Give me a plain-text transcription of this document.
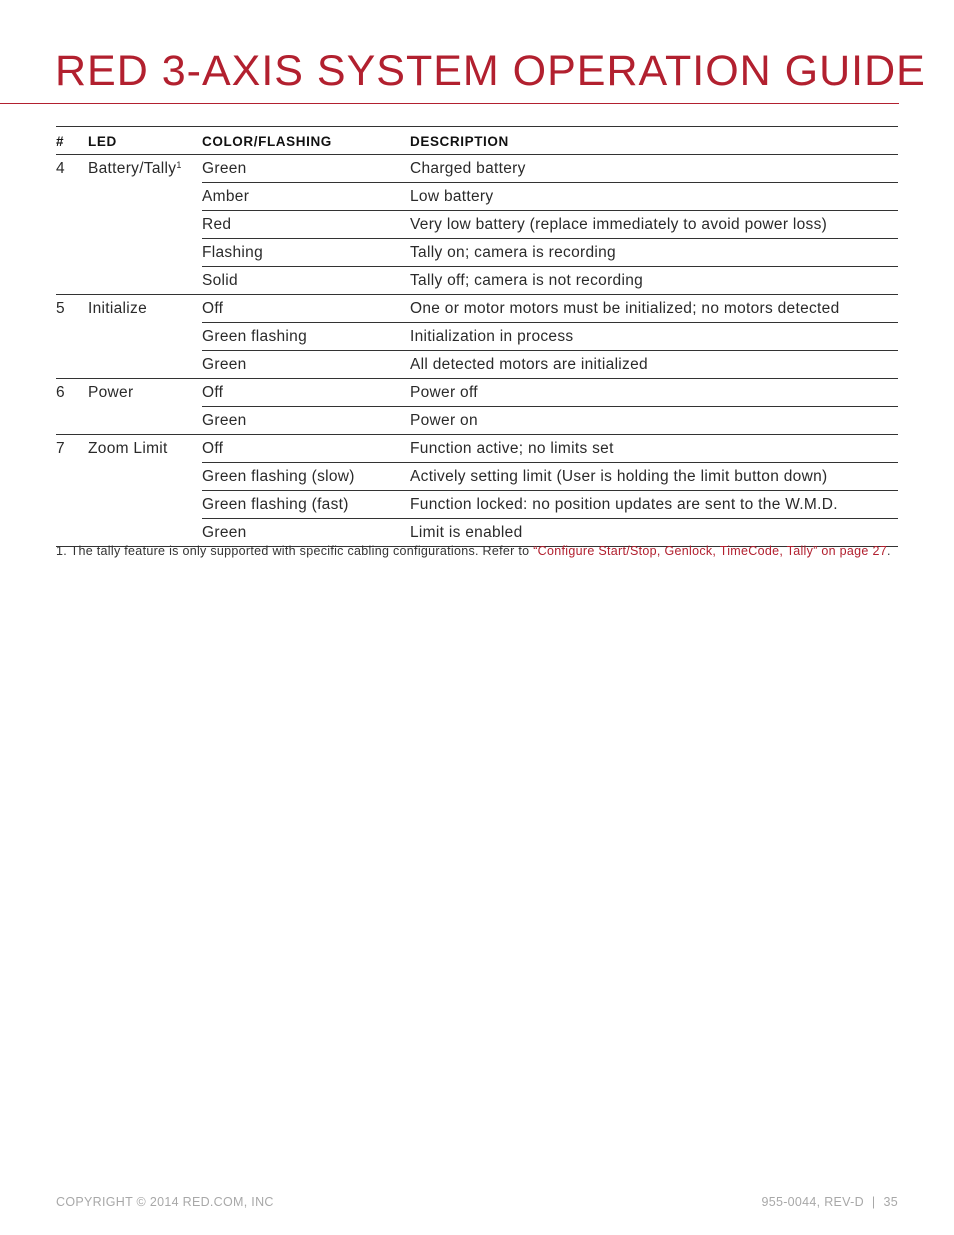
RED 3-AXIS SYSTEM OPERATION GUIDE
#	LED	COLOR/FLASHING	DESCRIPTION
4	Battery/Tally$^1$	Green	Charged battery
		Amber	Low battery
		Red	Very low battery (replace immediately to avoid power loss)
		Flashing	Tally on; camera is recording
		Solid	Tally off; camera is not recording
5	Initialize	Off	One or motor motors must be initialized; no motors detected
		Green flashing	Initialization in process
		Green	All detected motors are initialized
6	Power	Off	Power off
		Green	Power on
7	Zoom Limit	Off	Function active; no limits set
		Green flashing (slow)	Actively setting limit (User is holding the limit button down)
		Green flashing (fast)	Function locked: no position updates are sent to the W.M.D.
		Green	Limit is enabled
1. The tally feature is only supported with specific cabling configurations. Refer to “Configure Start/Stop, Genlock, TimeCode, Tally” on page 27.
COPYRIGHT © 2014 RED.COM, INC	955-0044, REV-D | 35
